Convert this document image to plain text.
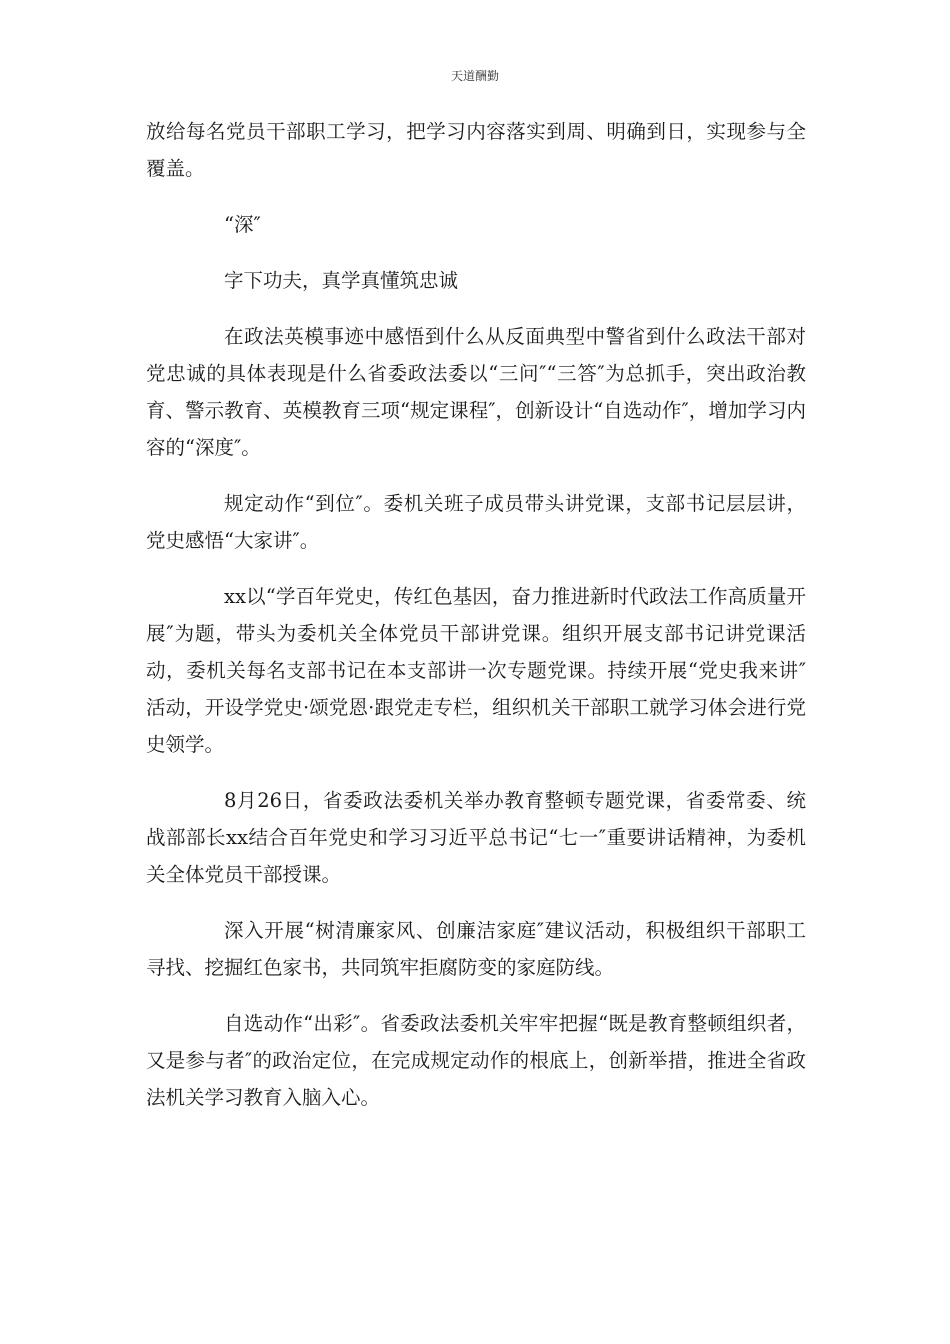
天道酬勤

放给每名党员干部职工学习，把学习内容落实到周、明确到日，实现参与全覆盖。

“深″

字下功夫，真学真懂筑忠诚

在政法英模事迹中感悟到什么从反面典型中警省到什么政法干部对党忠诚的具体表现是什么省委政法委以“三问″“三答″为总抓手，突出政治教育、警示教育、英模教育三项“规定课程″，创新设计“自选动作″，增加学习内容的“深度″。

规定动作“到位″。委机关班子成员带头讲党课，支部书记层层讲，党史感悟“大家讲″。

xx以“学百年党史，传红色基因，奋力推进新时代政法工作高质量开展″为题，带头为委机关全体党员干部讲党课。组织开展支部书记讲党课活动，委机关每名支部书记在本支部讲一次专题党课。持续开展“党史我来讲″活动，开设学党史·颂党恩·跟党走专栏，组织机关干部职工就学习体会进行党史领学。

8月26日，省委政法委机关举办教育整顿专题党课，省委常委、统战部部长xx结合百年党史和学习习近平总书记“七一″重要讲话精神，为委机关全体党员干部授课。

深入开展“树清廉家风、创廉洁家庭″建议活动，积极组织干部职工寻找、挖掘红色家书，共同筑牢拒腐防变的家庭防线。

自选动作“出彩″。省委政法委机关牢牢把握“既是教育整顿组织者，又是参与者″的政治定位，在完成规定动作的根底上，创新举措，推进全省政法机关学习教育入脑入心。
